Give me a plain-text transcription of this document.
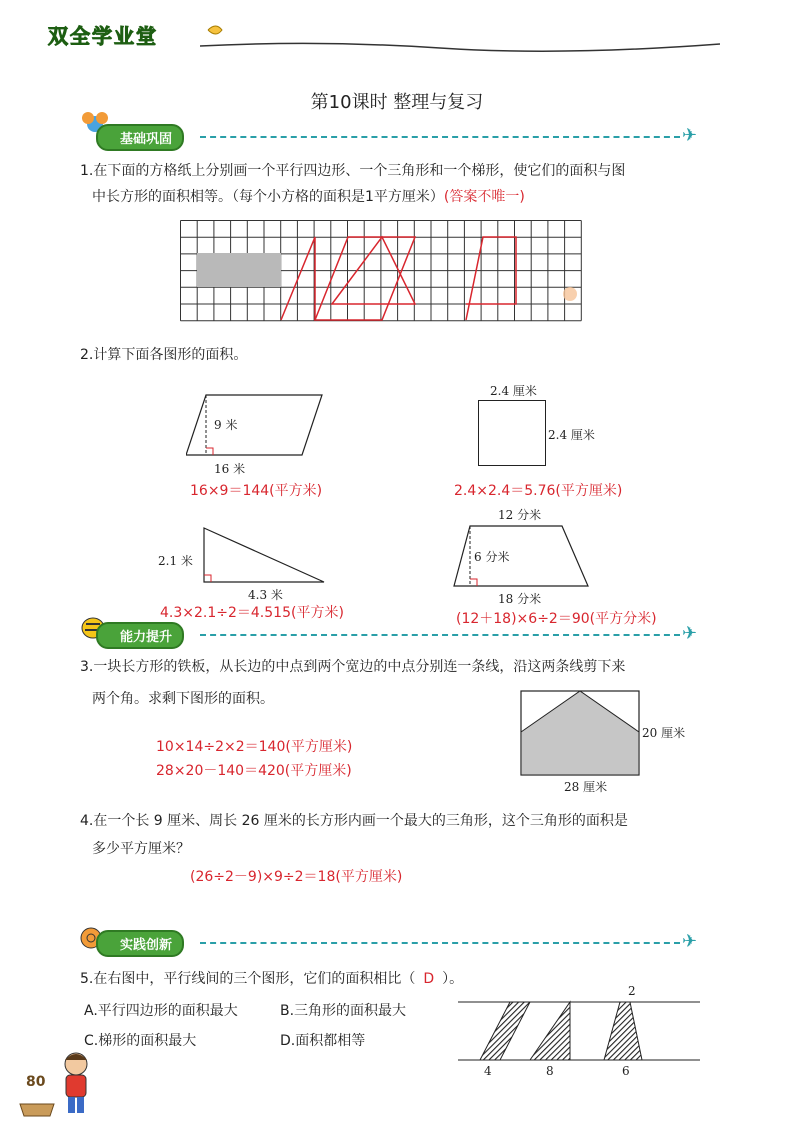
双全学业堂
第10课时 整理与复习
基础巩固	✈
1.在下面的方格纸上分别画一个平行四边形、一个三角形和一个梯形，使它们的面积与图
中长方形的面积相等。（每个小方格的面积是1平方厘米）(答案不唯一)
2.计算下面各图形的面积。
9 米
16 米
16×9＝144(平方米)
2.4 厘米
2.4 厘米
2.4×2.4＝5.76(平方厘米)
2.1 米
4.3 米
4.3×2.1÷2＝4.515(平方米)
12 分米
6 分米
18 分米
(12＋18)×6÷2＝90(平方分米)
能力提升	✈
3.一块长方形的铁板，从长边的中点到两个宽边的中点分别连一条线，沿这两条线剪下来
两个角。求剩下图形的面积。
10×14÷2×2＝140(平方厘米)
28×20－140＝420(平方厘米)
20 厘米
28 厘米
4.在一个长 9 厘米、周长 26 厘米的长方形内画一个最大的三角形，这个三角形的面积是
多少平方厘米？
(26÷2－9)×9÷2＝18(平方厘米)
实践创新	✈
5.在右图中，平行线间的三个图形，它们的面积相比（ D ）。
A.平行四边形的面积最大	B.三角形的面积最大
C.梯形的面积最大	D.面积都相等
2
4	8	6
80
